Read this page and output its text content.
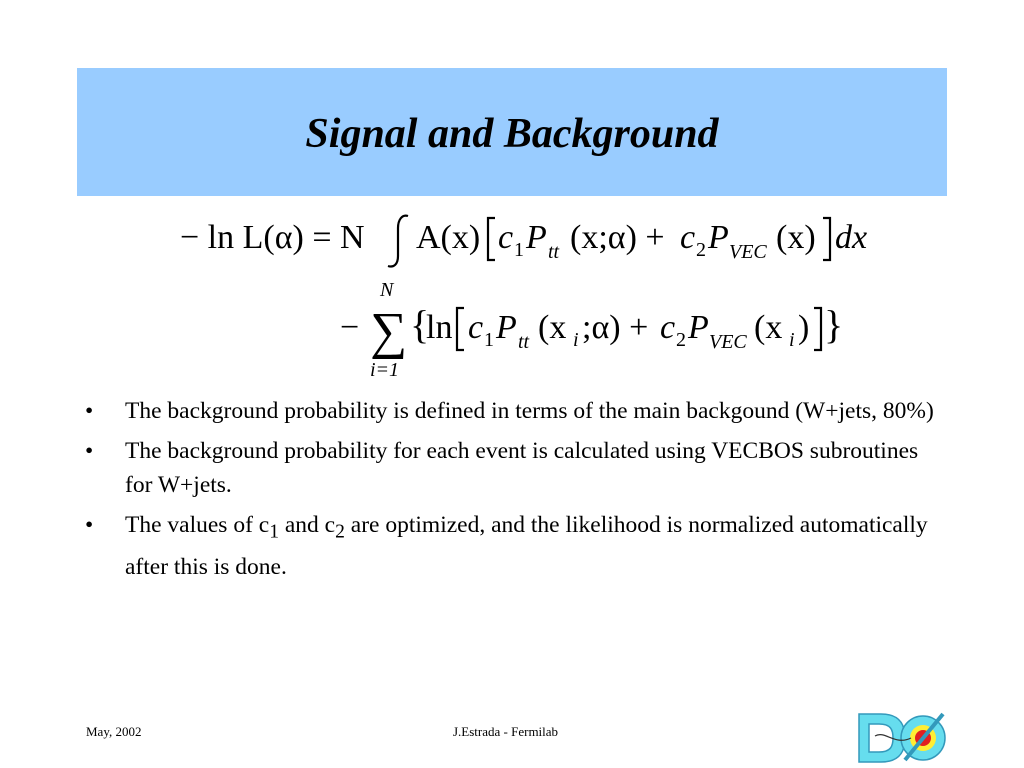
Signal and Background
− ln L(α) = N A(x) c 1 P tt (x;α) + c 2 P VEC (x) dx
−
N
∑
i=1
{
ln c 1 P tt (x i ;α) + c 2 P VEC (x i ) }
•	The background probability is defined in terms of the main backgound (W+jets, 80%)
•	The background probability for each event is calculated using VECBOS subroutines for W+jets.
•	The values of $c_1$ and $c_2$ are optimized, and the likelihood is normalized automatically after this is done.
May, 2002	J.Estrada - Fermilab
